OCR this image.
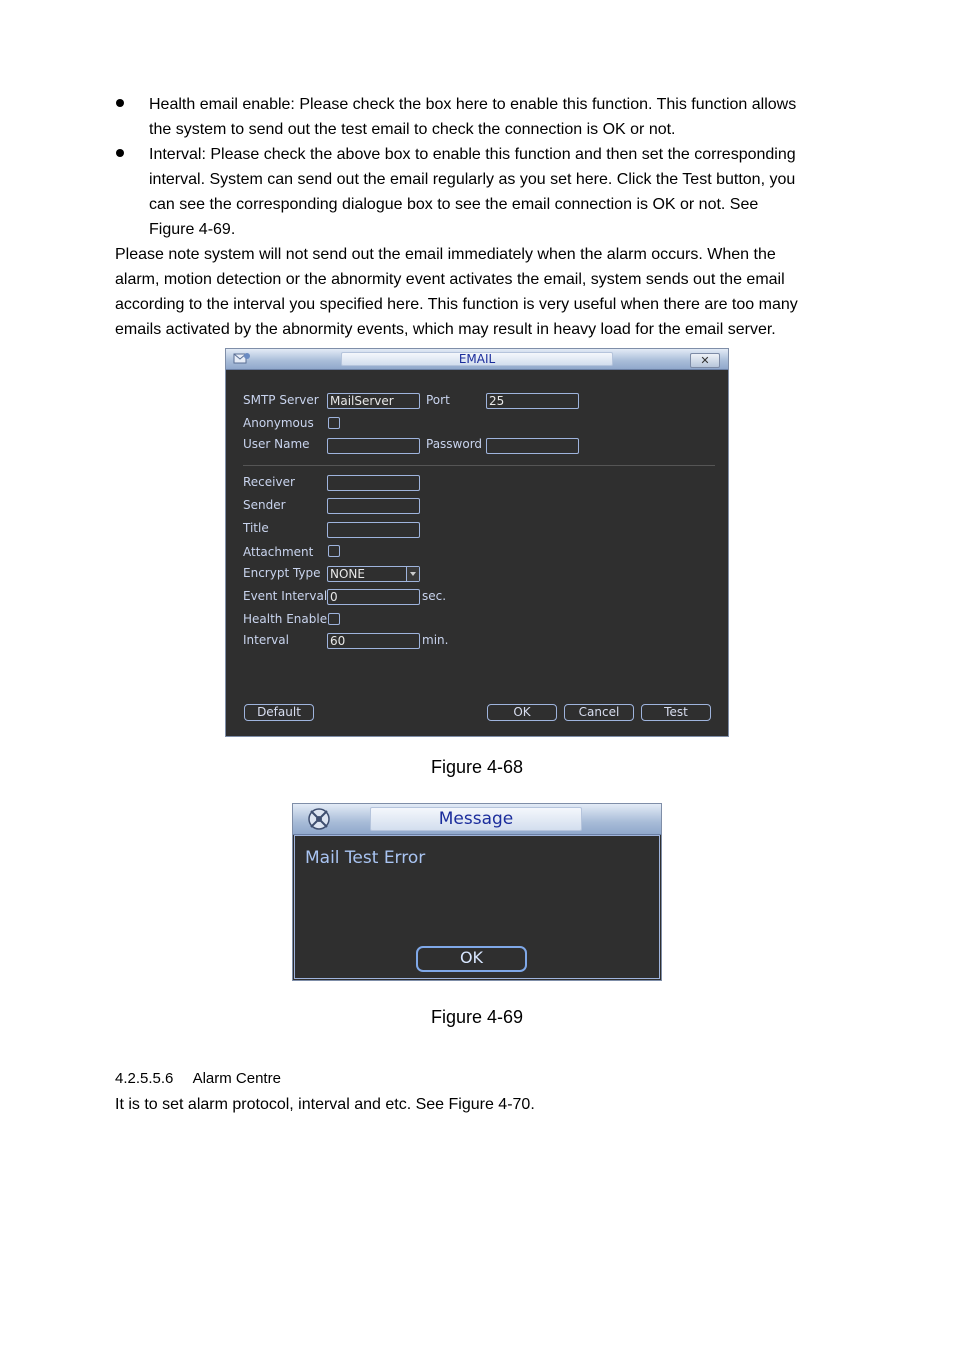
Health email enable: Please check the box here to enable this function. This function allows
the system to send out the test email to check the connection is OK or not.

Interval: Please check the above box to enable this function and then set the corresponding
interval. System can send out the email regularly as you set here. Click the Test button, you
can see the corresponding dialogue box to see the email connection is OK or not. See
Figure 4-69.

Please note system will not send out the email immediately when the alarm occurs. When the
alarm, motion detection or the abnormity event activates the email, system sends out the email
according to the interval you specified here. This function is very useful when there are too many
emails activated by the abnormity events, which may result in heavy load for the email server.

EMAIL	✕
SMTP Server MailServer	Port	25
Anonymous
User Name	Password
Receiver
Sender
Title
Attachment
Encrypt Type NONE
Event Interval 0	sec.
Health Enable
Interval	60	min.
Default	OK	Cancel	Test
Figure 4-68
Message
Mail Test Error
OK
Figure 4-69
4.2.5.5.6 Alarm Centre

It is to set alarm protocol, interval and etc. See Figure 4-70.
